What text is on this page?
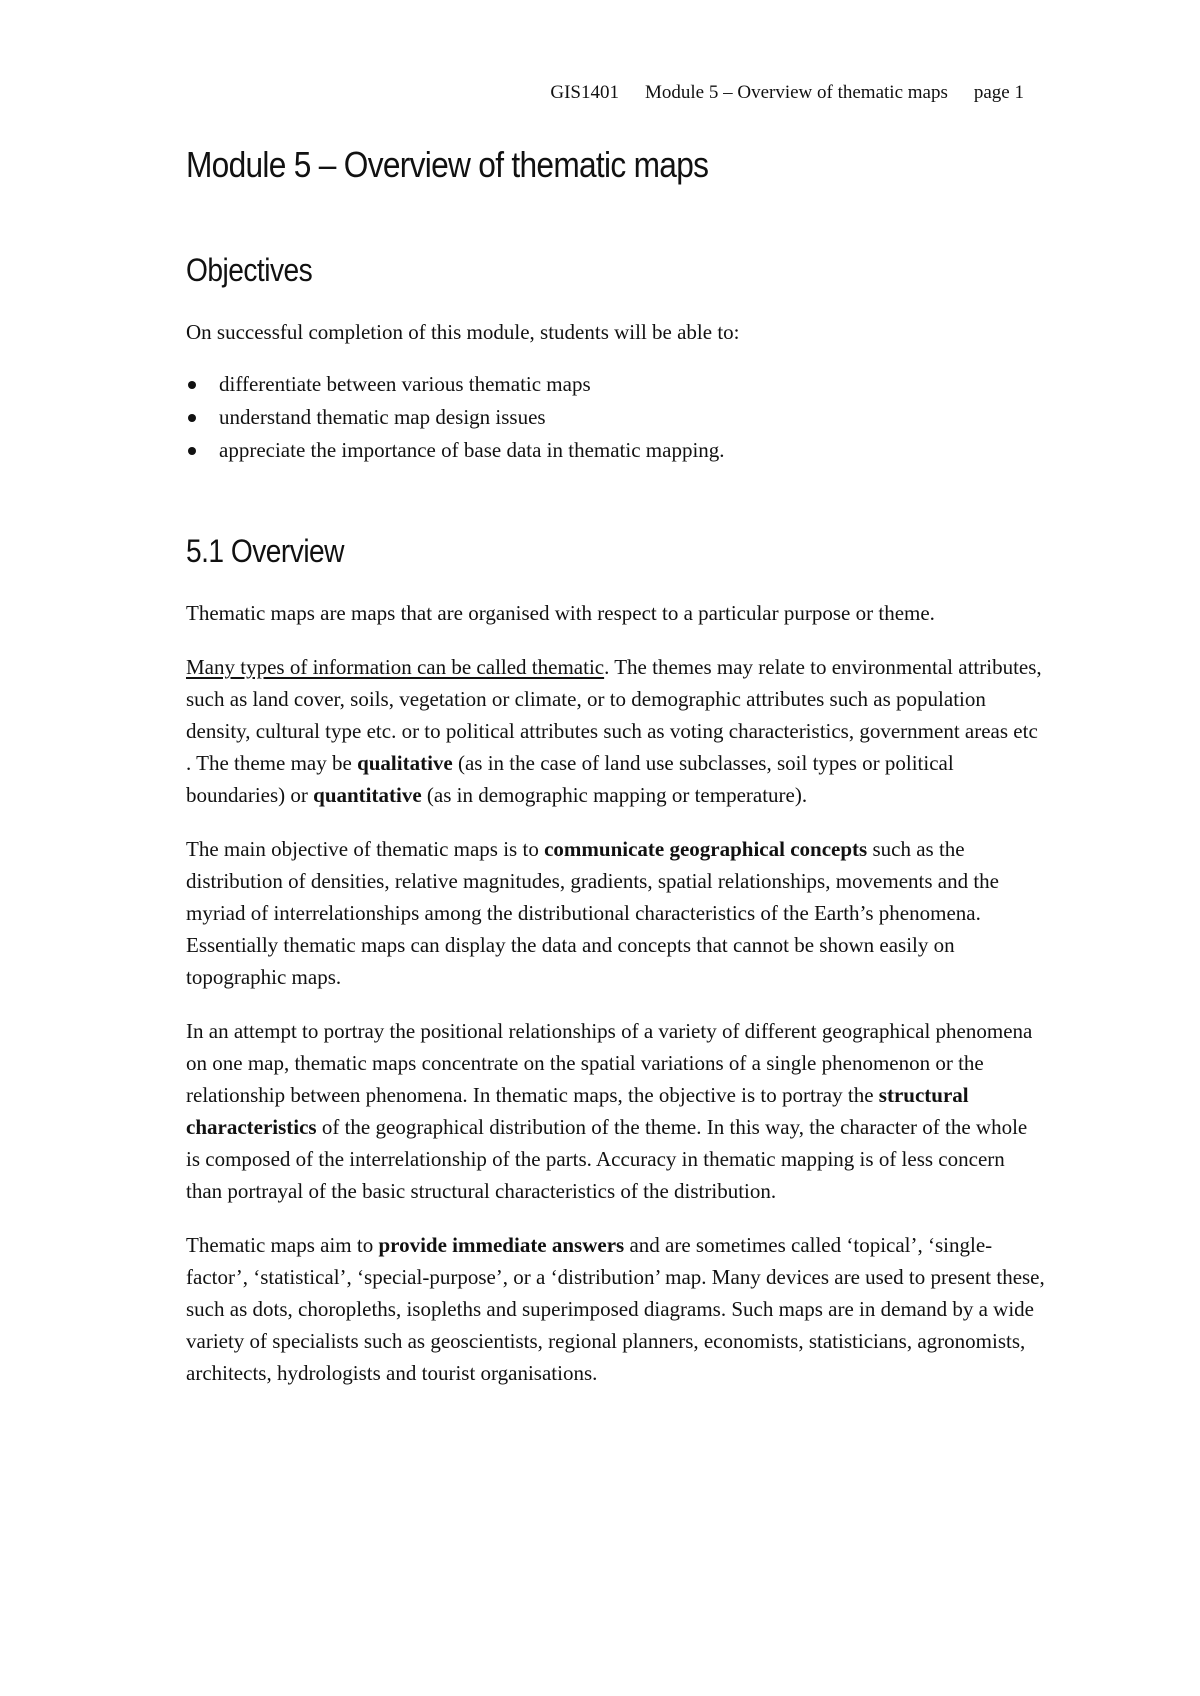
GIS1401 Module 5 – Overview of thematic maps page 1
Module 5 – Overview of thematic maps
Objectives

On successful completion of this module, students will be able to:

differentiate between various thematic maps
understand thematic map design issues
appreciate the importance of base data in thematic mapping.
5.1 Overview

Thematic maps are maps that are organised with respect to a particular purpose or theme.

Many types of information can be called thematic. The themes may relate to environmental attributes, such as land cover, soils, vegetation or climate, or to demographic attributes such as population density, cultural type etc. or to political attributes such as voting characteristics, government areas etc . The theme may be qualitative (as in the case of land use subclasses, soil types or political boundaries) or quantitative (as in demographic mapping or temperature).

The main objective of thematic maps is to communicate geographical concepts such as the distribution of densities, relative magnitudes, gradients, spatial relationships, movements and the myriad of interrelationships among the distributional characteristics of the Earth’s phenomena. Essentially thematic maps can display the data and concepts that cannot be shown easily on topographic maps.

In an attempt to portray the positional relationships of a variety of different geographical phenomena on one map, thematic maps concentrate on the spatial variations of a single phenomenon or the relationship between phenomena. In thematic maps, the objective is to portray the structural characteristics of the geographical distribution of the theme. In this way, the character of the whole is composed of the interrelationship of the parts. Accuracy in thematic mapping is of less concern than portrayal of the basic structural characteristics of the distribution.

Thematic maps aim to provide immediate answers and are sometimes called ‘topical’, ‘single-factor’, ‘statistical’, ‘special-purpose’, or a ‘distribution’ map. Many devices are used to present these, such as dots, choropleths, isopleths and superimposed diagrams. Such maps are in demand by a wide variety of specialists such as geoscientists, regional planners, economists, statisticians, agronomists, architects, hydrologists and tourist organisations.
